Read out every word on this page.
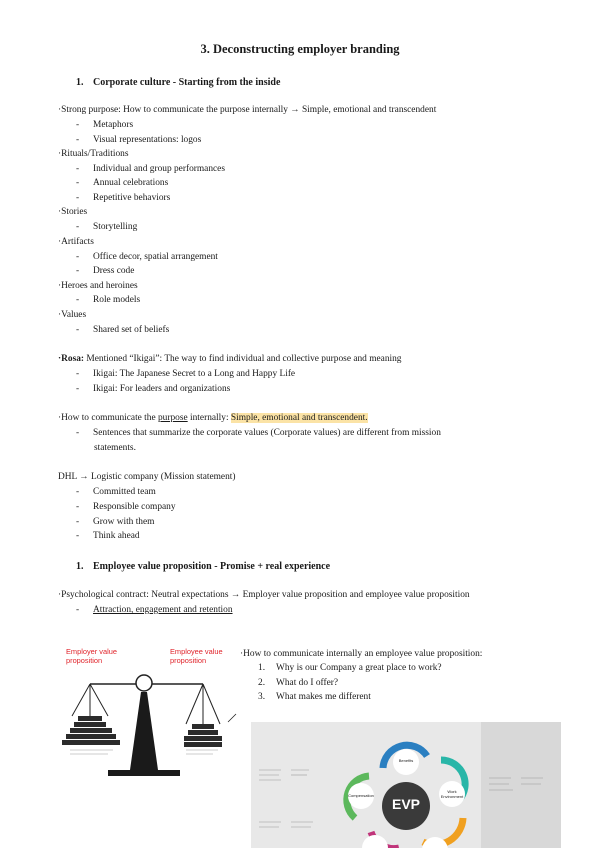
3. Deconstructing employer branding
1. Corporate culture - Starting from the inside
·Strong purpose: How to communicate the purpose internally → Simple, emotional and transcendent
- Metaphors
- Visual representations: logos
·Rituals/Traditions
- Individual and group performances
- Annual celebrations
- Repetitive behaviors
·Stories
- Storytelling
·Artifacts
- Office decor, spatial arrangement
- Dress code
·Heroes and heroines
- Role models
·Values
- Shared set of beliefs
·Rosa: Mentioned “Ikigai”: The way to find individual and collective purpose and meaning
- Ikigai: The Japanese Secret to a Long and Happy Life
- Ikigai: For leaders and organizations
·How to communicate the purpose internally: Simple, emotional and transcendent.
- Sentences that summarize the corporate values (Corporate values) are different from mission
statements.
DHL → Logistic company (Mission statement)
- Committed team
- Responsible company
- Grow with them
- Think ahead
1. Employee value proposition - Promise + real experience
·Psychological contract: Neutral expectations → Employer value proposition and employee value proposition
- Attraction, engagement and retention
·How to communicate internally an employee value proposition:
1. Why is our Company a great place to work?
2. What do I offer?
3. What makes me different
Employer value proposition
Employee value proposition
EVP
Benefits
Work Environment
Compensation
